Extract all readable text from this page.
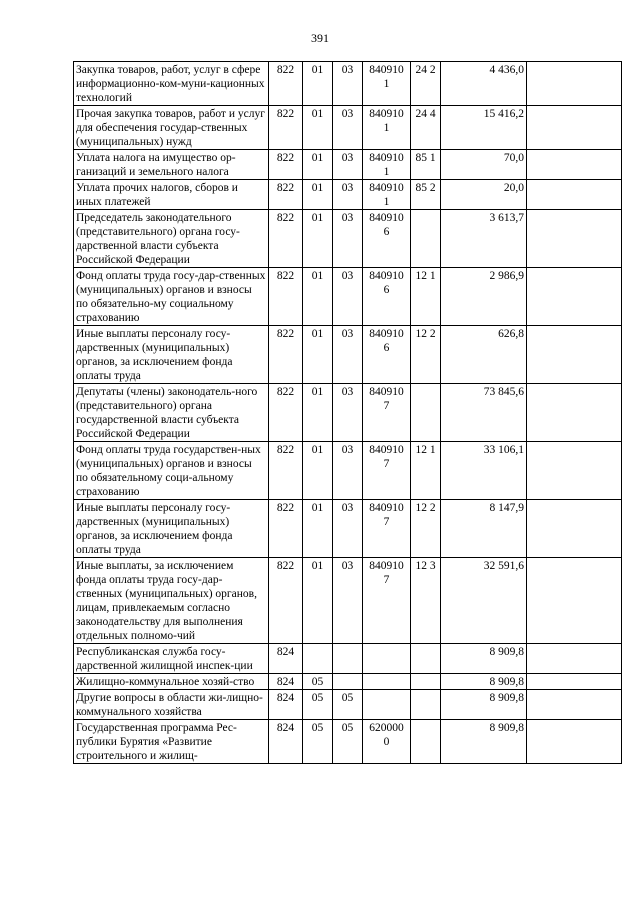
391
Закупка товаров, работ, услуг в сфере информационно-ком-муни-кационных технологий	822	01	03	840910 1	24 2	4 436,0	
Прочая закупка товаров, работ и услуг для обеспечения государ-ственных (муниципальных) нужд	822	01	03	840910 1	24 4	15 416,2	
Уплата налога на имущество ор-ганизаций и земельного налога	822	01	03	840910 1	85 1	70,0	
Уплата прочих налогов, сборов и иных платежей	822	01	03	840910 1	85 2	20,0	
Председатель законодательного (представительного) органа госу-дарственной власти субъекта Российской Федерации	822	01	03	840910 6		3 613,7	
Фонд оплаты труда госу-дар-ственных (муниципальных) органов и взносы по обязательно-му социальному страхованию	822	01	03	840910 6	12 1	2 986,9	
Иные выплаты персоналу госу-дарственных (муниципальных) органов, за исключением фонда оплаты труда	822	01	03	840910 6	12 2	626,8	
Депутаты (члены) законодатель-ного (представительного) органа государственной власти субъекта Российской Федерации	822	01	03	840910 7		73 845,6	
Фонд оплаты труда государствен-ных (муниципальных) органов и взносы по обязательному соци-альному страхованию	822	01	03	840910 7	12 1	33 106,1	
Иные выплаты персоналу госу-дарственных (муниципальных) органов, за исключением фонда оплаты труда	822	01	03	840910 7	12 2	8 147,9	
Иные выплаты, за исключением фонда оплаты труда госу-дар-ственных (муниципальных) органов, лицам, привлекаемым согласно законодательству для выполнения отдельных полномо-чий	822	01	03	840910 7	12 3	32 591,6	
Республиканская служба госу-дарственной жилищной инспек-ции	824					8 909,8	
Жилищно-коммунальное хозяй-ство	824	05				8 909,8	
Другие вопросы в области жи-лищно-коммунального хозяйства	824	05	05			8 909,8	
Государственная программа Рес-публики Бурятия «Развитие строительного и жилищ-	824	05	05	620000 0		8 909,8	
